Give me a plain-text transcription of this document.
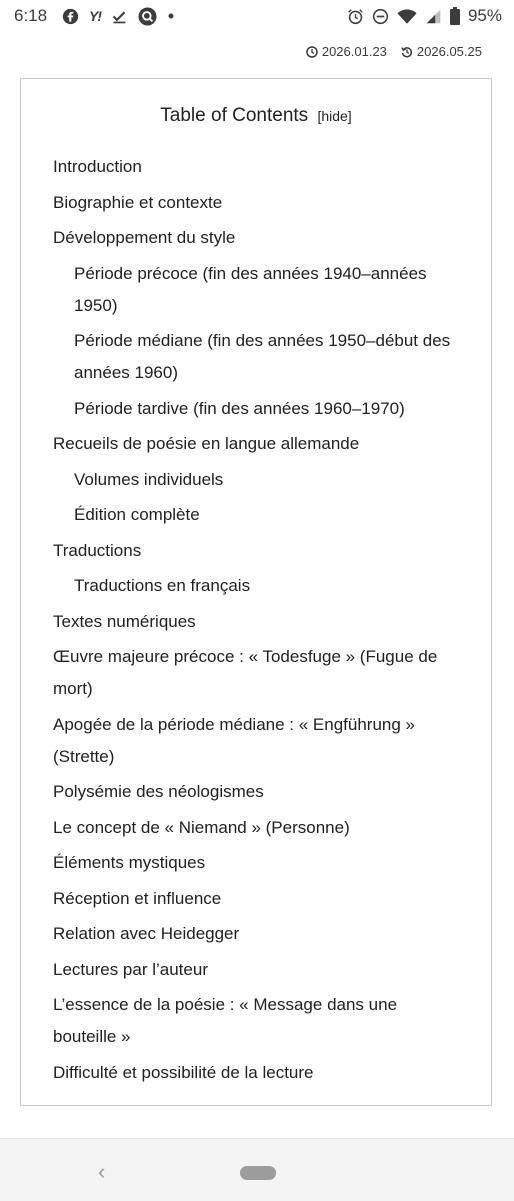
6:18	Y!	95%
2026.01.23 2026.05.25
Table of Contents [hide]
Introduction
Biographie et contexte
Développement du style
Période précoce (fin des années 1940–années 1950)
Période médiane (fin des années 1950–début des années 1960)
Période tardive (fin des années 1960–1970)
Recueils de poésie en langue allemande
Volumes individuels
Édition complète
Traductions
Traductions en français
Textes numériques
Œuvre majeure précoce : « Todesfuge » (Fugue de mort)
Apogée de la période médiane : « Engführung » (Strette)
Polysémie des néologismes
Le concept de « Niemand » (Personne)
Éléments mystiques
Réception et influence
Relation avec Heidegger
Lectures par l’auteur
L’essence de la poésie : « Message dans une bouteille »
Difficulté et possibilité de la lecture
‹
